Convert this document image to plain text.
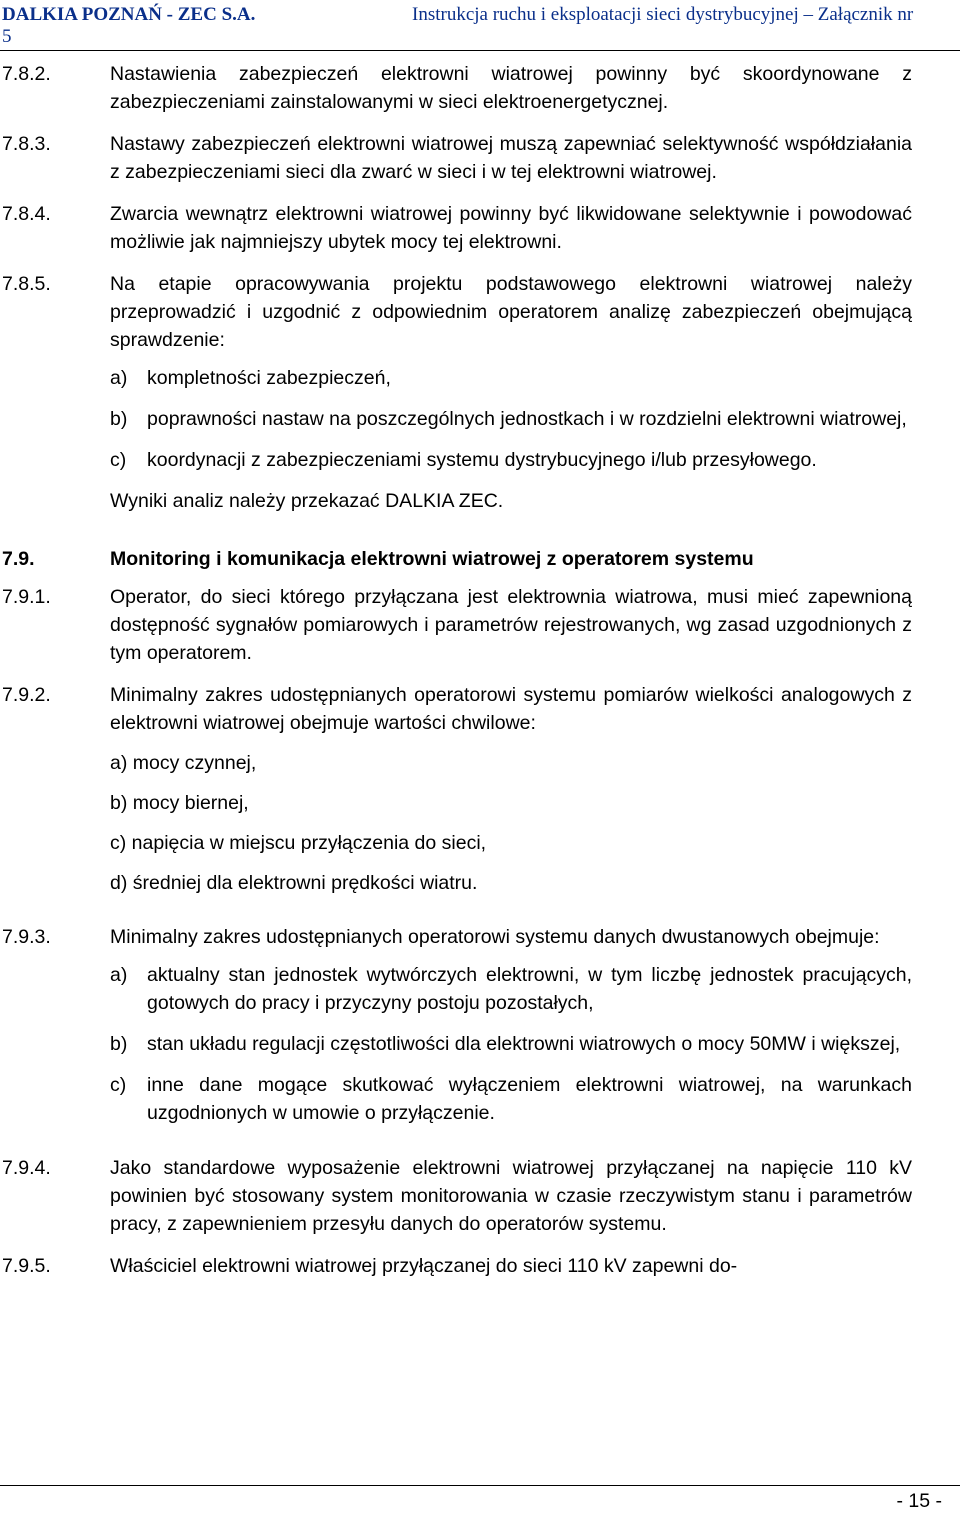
DALKIA POZNAŃ - ZEC S.A.	Instrukcja ruchu i eksploatacji sieci dystrybucyjnej – Załącznik nr
5
7.8.2.	Nastawienia zabezpieczeń elektrowni wiatrowej powinny być skoordynowane z zabezpieczeniami zainstalowanymi w sieci elektroenergetycznej.
7.8.3.	Nastawy zabezpieczeń elektrowni wiatrowej muszą zapewniać selektywność współdziałania z zabezpieczeniami sieci dla zwarć w sieci i w tej elektrowni wiatrowej.
7.8.4.	Zwarcia wewnątrz elektrowni wiatrowej powinny być likwidowane selektywnie i powodować możliwie jak najmniejszy ubytek mocy tej elektrowni.
7.8.5.	Na etapie opracowywania projektu podstawowego elektrowni wiatrowej należy przeprowadzić i uzgodnić z odpowiednim operatorem analizę zabezpieczeń obejmującą sprawdzenie:
a)	kompletności zabezpieczeń,
b)	poprawności nastaw na poszczególnych jednostkach i w rozdzielni elektrowni wiatrowej,
c)	koordynacji z zabezpieczeniami systemu dystrybucyjnego i/lub przesyłowego.
Wyniki analiz należy przekazać DALKIA ZEC.
7.9.	Monitoring i komunikacja elektrowni wiatrowej z operatorem systemu
7.9.1.	Operator, do sieci którego przyłączana jest elektrownia wiatrowa, musi mieć zapewnioną dostępność sygnałów pomiarowych i parametrów rejestrowanych, wg zasad uzgodnionych z tym operatorem.
7.9.2.	Minimalny zakres udostępnianych operatorowi systemu pomiarów wielkości analogowych z elektrowni wiatrowej obejmuje wartości chwilowe:
a) mocy czynnej,
b) mocy biernej,
c) napięcia w miejscu przyłączenia do sieci,
d) średniej dla elektrowni prędkości wiatru.
7.9.3.	Minimalny zakres udostępnianych operatorowi systemu danych dwustanowych obejmuje:
a)	aktualny stan jednostek wytwórczych elektrowni, w tym liczbę jednostek pracujących, gotowych do pracy i przyczyny postoju pozostałych,
b)	stan układu regulacji częstotliwości dla elektrowni wiatrowych o mocy 50MW i większej,
c)	inne dane mogące skutkować wyłączeniem elektrowni wiatrowej, na warunkach uzgodnionych w umowie o przyłączenie.
7.9.4.	Jako standardowe wyposażenie elektrowni wiatrowej przyłączanej na napięcie 110 kV powinien być stosowany system monitorowania w czasie rzeczywistym stanu i parametrów pracy, z zapewnieniem przesyłu danych do operatorów systemu.
7.9.5.	Właściciel elektrowni wiatrowej przyłączanej do sieci 110 kV zapewni do-
- 15 -
